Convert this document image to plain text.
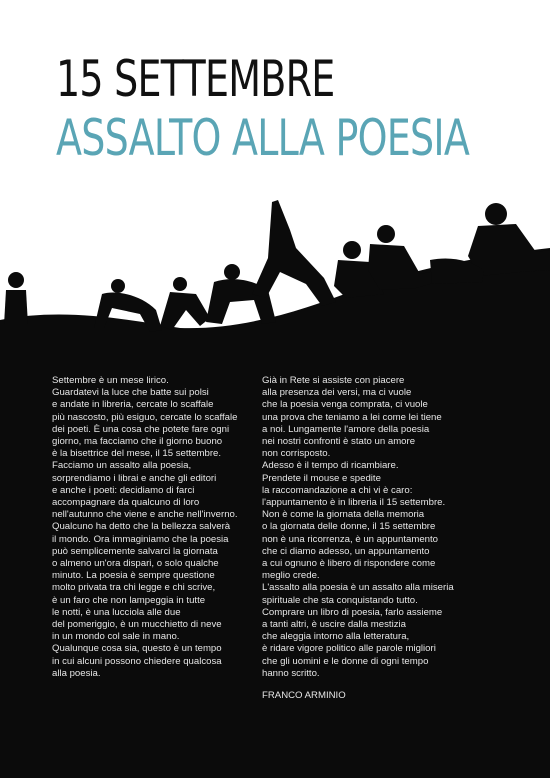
15 SETTEMBRE
ASSALTO ALLA POESIA
Settembre è un mese lirico.
Guardatevi la luce che batte sui polsi
e andate in libreria, cercate lo scaffale
più nascosto, più esiguo, cercate lo scaffale
dei poeti. È una cosa che potete fare ogni
giorno, ma facciamo che il giorno buono
è la bisettrice del mese, il 15 settembre.
Facciamo un assalto alla poesia,
sorprendiamo i librai e anche gli editori
e anche i poeti: decidiamo di farci
accompagnare da qualcuno di loro
nell'autunno che viene e anche nell'inverno.
Qualcuno ha detto che la bellezza salverà
il mondo. Ora immaginiamo che la poesia
può semplicemente salvarci la giornata
o almeno un'ora dispari, o solo qualche
minuto. La poesia è sempre questione
molto privata tra chi legge e chi scrive,
è un faro che non lampeggia in tutte
le notti, è una lucciola alle due
del pomeriggio, è un mucchietto di neve
in un mondo col sale in mano.
Qualunque cosa sia, questo è un tempo
in cui alcuni possono chiedere qualcosa
alla poesia.
Già in Rete si assiste con piacere
alla presenza dei versi, ma ci vuole
che la poesia venga comprata, ci vuole
una prova che teniamo a lei come lei tiene
a noi. Lungamente l'amore della poesia
nei nostri confronti è stato un amore
non corrisposto.
Adesso è il tempo di ricambiare.
Prendete il mouse e spedite
la raccomandazione a chi vi è caro:
l'appuntamento è in libreria il 15 settembre.
Non è come la giornata della memoria
o la giornata delle donne, il 15 settembre
non è una ricorrenza, è un appuntamento
che ci diamo adesso, un appuntamento
a cui ognuno è libero di rispondere come
meglio crede.
L'assalto alla poesia è un assalto alla miseria
spirituale che sta conquistando tutto.
Comprare un libro di poesia, farlo assieme
a tanti altri, è uscire dalla mestizia
che aleggia intorno alla letteratura,
è ridare vigore politico alle parole migliori
che gli uomini e le donne di ogni tempo
hanno scritto.
FRANCO ARMINIO
